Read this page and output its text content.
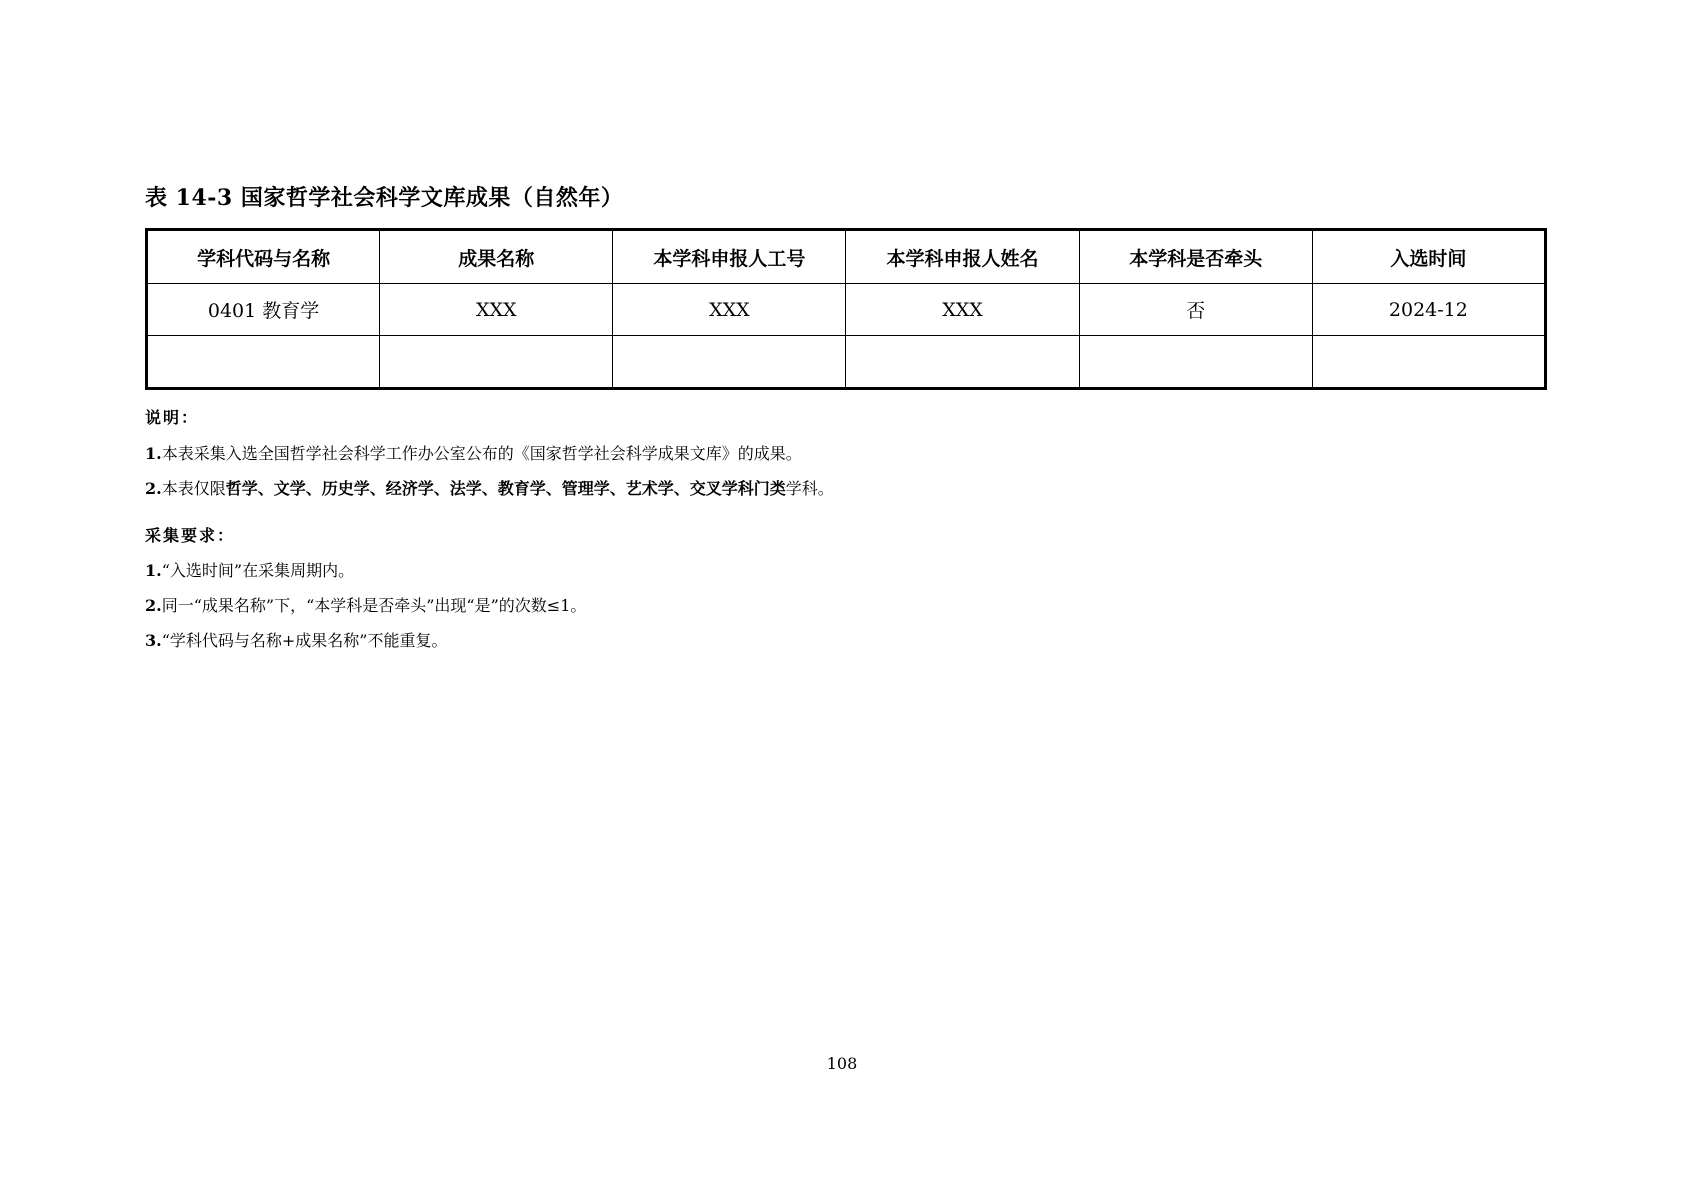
表 14-3 国家哲学社会科学文库成果（自然年）
学科代码与名称	成果名称	本学科申报人工号	本学科申报人姓名	本学科是否牵头	入选时间
0401 教育学	XXX	XXX	XXX	否	2024-12

说明：
1.本表采集入选全国哲学社会科学工作办公室公布的《国家哲学社会科学成果文库》的成果。
2.本表仅限哲学、文学、历史学、经济学、法学、教育学、管理学、艺术学、交叉学科门类学科。
采集要求：
1.“入选时间”在采集周期内。
2.同一“成果名称”下，“本学科是否牵头”出现“是”的次数≤1。
3.“学科代码与名称+成果名称”不能重复。
108
